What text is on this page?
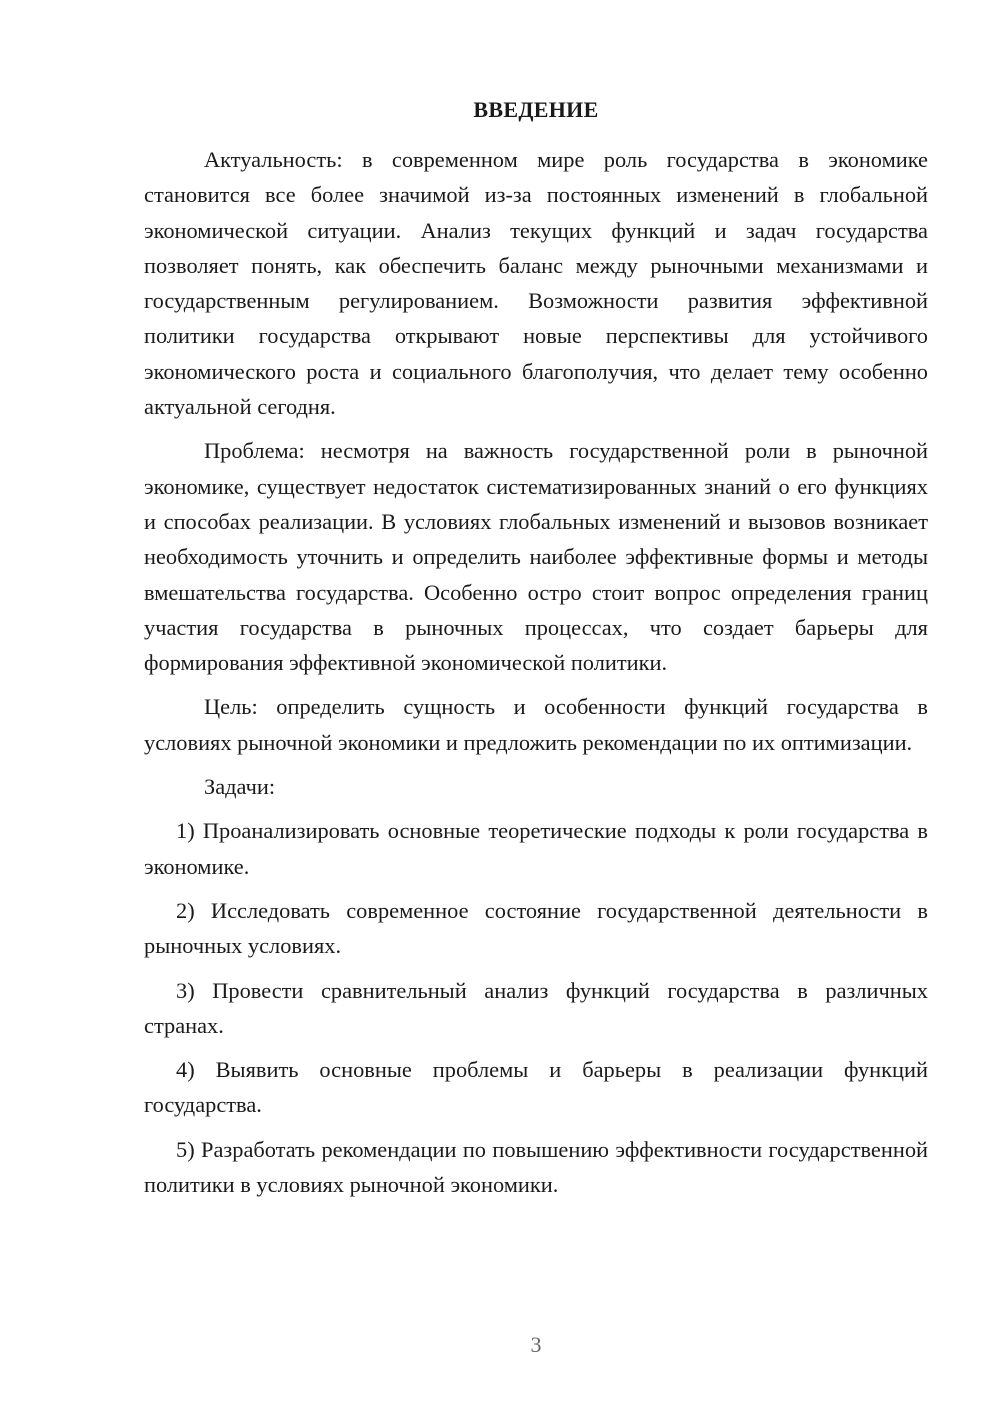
ВВЕДЕНИЕ

Актуальность: в современном мире роль государства в экономике становится все более значимой из-за постоянных изменений в глобальной экономической ситуации. Анализ текущих функций и задач государства позволяет понять, как обеспечить баланс между рыночными механизмами и государственным регулированием. Возможности развития эффективной политики государства открывают новые перспективы для устойчивого экономического роста и социального благополучия, что делает тему особенно актуальной сегодня.

Проблема: несмотря на важность государственной роли в рыночной экономике, существует недостаток систематизированных знаний о его функциях и способах реализации. В условиях глобальных изменений и вызовов возникает необходимость уточнить и определить наиболее эффективные формы и методы вмешательства государства. Особенно остро стоит вопрос определения границ участия государства в рыночных процессах, что создает барьеры для формирования эффективной экономической политики.

Цель: определить сущность и особенности функций государства в условиях рыночной экономики и предложить рекомендации по их оптимизации.

Задачи:

1) Проанализировать основные теоретические подходы к роли государства в экономике.

2) Исследовать современное состояние государственной деятельности в рыночных условиях.

3) Провести сравнительный анализ функций государства в различных странах.

4) Выявить основные проблемы и барьеры в реализации функций государства.

5) Разработать рекомендации по повышению эффективности государственной политики в условиях рыночной экономики.

3
